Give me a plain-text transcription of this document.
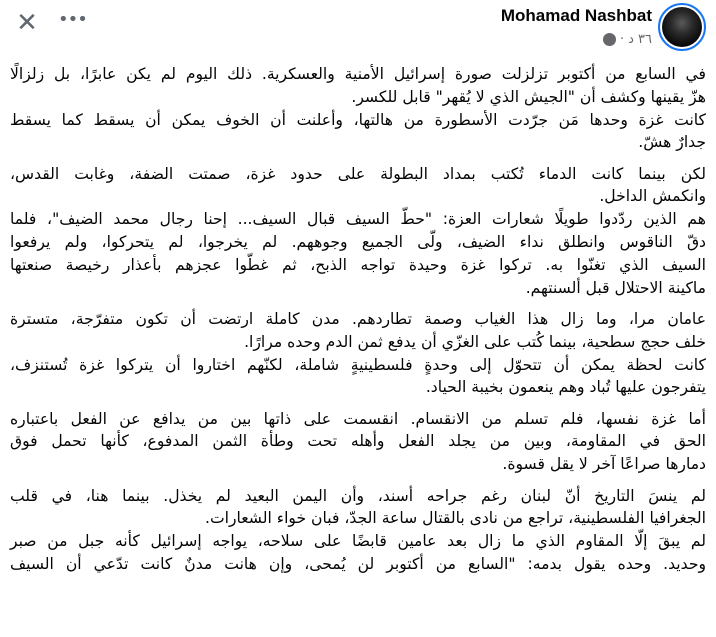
Mohamad Nashbat
٣٦ د
·
✕ •••
في السابع من أكتوبر تزلزلت صورة إسرائيل الأمنية والعسكرية. ذلك اليوم لم يكن عابرًا، بل زلزالًا
هزّ يقينها وكشف أن "الجيش الذي لا يُقهر" قابل للكسر.
كانت غزة وحدها مَن جرّدت الأسطورة من هالتها، وأعلنت أن الخوف يمكن أن يسقط كما يسقط
جدارٌ هشّ.
لكن بينما كانت الدماء تُكتب بمداد البطولة على حدود غزة، صمتت الضفة، وغابت القدس،
وانكمش الداخل.
هم الذين ردّدوا طويلًا شعارات العزة: "حطّ السيف قبال السيف... إحنا رجال محمد الضيف"، فلما
دقّ الناقوس وانطلق نداء الضيف، ولّى الجميع وجوههم. لم يخرجوا، لم يتحركوا، ولم يرفعوا
السيف الذي تغنّوا به. تركوا غزة وحيدة تواجه الذبح، ثم غطّوا عجزهم بأعذار رخيصة صنعتها
ماكينة الاحتلال قبل ألسنتهم.
عامان مرا، وما زال هذا الغياب وصمة تطاردهم. مدن كاملة ارتضت أن تكون متفرّجة، متسترة
خلف حجج سطحية، بينما كُتب على الغزّي أن يدفع ثمن الدم وحده مرارًا.
كانت لحظة يمكن أن تتحوّل إلى وحدةٍ فلسطينيةٍ شاملة، لكنّهم اختاروا أن يتركوا غزة تُستنزف،
يتفرجون عليها تُباد وهم ينعمون بخيبة الحياد.
أما غزة نفسها، فلم تسلم من الانقسام. انقسمت على ذاتها بين من يدافع عن الفعل باعتباره
الحق في المقاومة، وبين من يجلد الفعل وأهله تحت وطأة الثمن المدفوع، كأنها تحمل فوق
دمارها صراعًا آخر لا يقل قسوة.
لم ينسَ التاريخ أنّ لبنان رغم جراحه أسند، وأن اليمن البعيد لم يخذل. بينما هنا، في قلب
الجغرافيا الفلسطينية، تراجع من نادى بالقتال ساعة الجدّ، فبان خواء الشعارات.
لم يبقَ إلّا المقاوم الذي ما زال بعد عامين قابضًا على سلاحه، يواجه إسرائيل كأنه جبل من صبر
وحديد. وحده يقول بدمه: "السابع من أكتوبر لن يُمحى، وإن هانت مدنٌ كانت تدّعي أن السيف
